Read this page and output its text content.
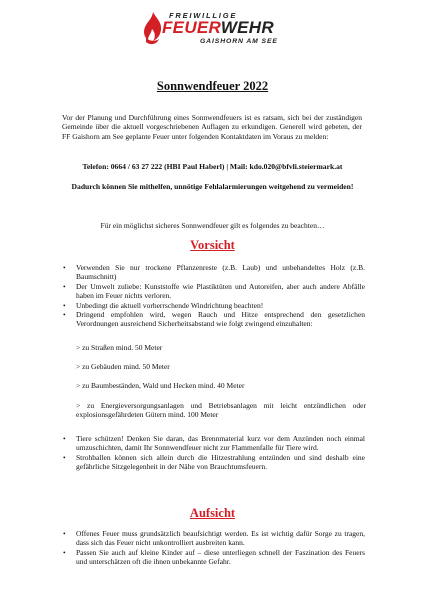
FREIWILLIGE
FEUERWEHR
GAISHORN AM SEE
Sonnwendfeuer 2022
Vor der Planung und Durchführung eines Sonnwendfeuers ist es ratsam, sich bei der zuständigen Gemeinde über die aktuell vorgeschriebenen Auflagen zu erkundigen. Generell wird gebeten, der FF Gaishorn am See geplante Feuer unter folgenden Kontaktdaten im Voraus zu melden:
Telefon: 0664 / 63 27 222 (HBI Paul Haberl) | Mail: kdo.020@bfvli.steiermark.at
Dadurch können Sie mithelfen, unnötige Fehlalarmierungen weitgehend zu vermeiden!
Für ein möglichst sicheres Sonnwendfeuer gilt es folgendes zu beachten…
Vorsicht
• Verwenden Sie nur trockene Pflanzenreste (z.B. Laub) und unbehandeltes Holz (z.B. Baumschnitt)
• Der Umwelt zuliebe: Kunststoffe wie Plastiktüten und Autoreifen, aber auch andere Abfälle haben im Feuer nichts verloren.
• Unbedingt die aktuell vorherrschende Windrichtung beachten!
• Dringend empfohlen wird, wegen Rauch und Hitze entsprechend den gesetzlichen Verordnungen ausreichend Sicherheitsabstand wie folgt zwingend einzuhalten:
> zu Straßen mind. 50 Meter
> zu Gebäuden mind. 50 Meter
> zu Baumbeständen, Wald und Hecken mind. 40 Meter
> zu Energieversorgungsanlagen und Betriebsanlagen mit leicht entzündlichen oder explosionsgefährdeten Gütern mind. 100 Meter
• Tiere schützen! Denken Sie daran, das Brennmaterial kurz vor dem Anzünden noch einmal umzuschichten, damit Ihr Sonnwendfeuer nicht zur Flammenfalle für Tiere wird.
• Strohballen können sich allein durch die Hitzestrahlung entzünden und sind deshalb eine gefährliche Sitzgelegenheit in der Nähe von Brauchtumsfeuern.
Aufsicht
• Offenes Feuer muss grundsätzlich beaufsichtigt werden. Es ist wichtig dafür Sorge zu tragen, dass sich das Feuer nicht unkontrolliert ausbreiten kann.
• Passen Sie auch auf kleine Kinder auf – diese unterliegen schnell der Faszination des Feuers und unterschätzen oft die ihnen unbekannte Gefahr.
